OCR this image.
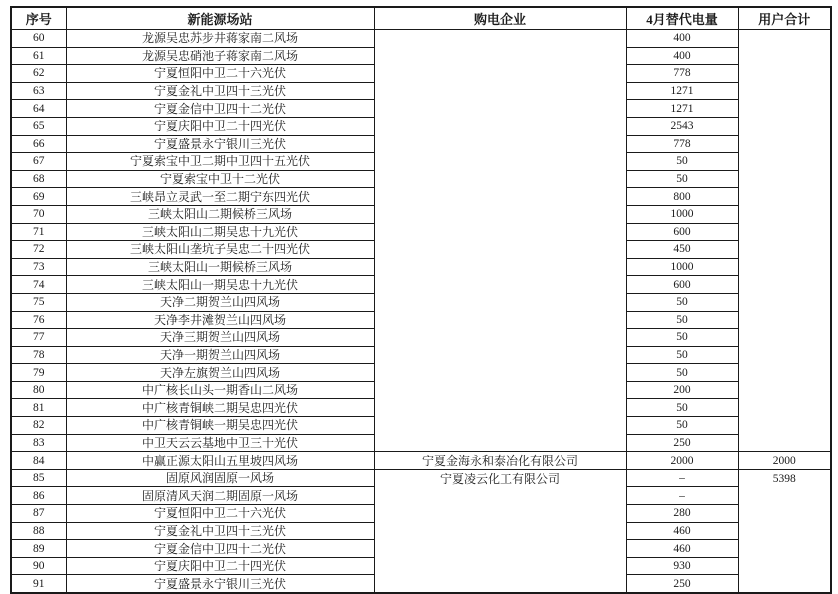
序号	新能源场站	购电企业	4月替代电量	用户合计
60	龙源吴忠苏步井蒋家南二风场		400	
61	龙源吴忠硝池子蒋家南二风场		400	
62	宁夏恒阳中卫二十六光伏		778	
63	宁夏金礼中卫四十三光伏		1271	
64	宁夏金信中卫四十二光伏		1271	
65	宁夏庆阳中卫二十四光伏		2543	
66	宁夏盛景永宁银川三光伏		778	
67	宁夏索宝中卫二期中卫四十五光伏		50	
68	宁夏索宝中卫十二光伏		50	
69	三峡昂立灵武一至二期宁东四光伏		800	
70	三峡太阳山二期候桥三风场		1000	
71	三峡太阳山二期吴忠十九光伏		600	
72	三峡太阳山垄坑子吴忠二十四光伏		450	
73	三峡太阳山一期候桥三风场		1000	
74	三峡太阳山一期吴忠十九光伏		600	
75	天净二期贺兰山四风场		50	
76	天净李井滩贺兰山四风场		50	
77	天净三期贺兰山四风场		50	
78	天净一期贺兰山四风场		50	
79	天净左旗贺兰山四风场		50	
80	中广核长山头一期香山二风场		200	
81	中广核青铜峡二期吴忠四光伏		50	
82	中广核青铜峡一期吴忠四光伏		50	
83	中卫天云云基地中卫三十光伏		250	
84	中赢正源太阳山五里坡四风场	宁夏金海永和泰冶化有限公司	2000	2000
85	固原风润固原一风场	宁夏凌云化工有限公司	–	5398
86	固原清风天润二期固原一风场		–	
87	宁夏恒阳中卫二十六光伏		280	
88	宁夏金礼中卫四十三光伏		460	
89	宁夏金信中卫四十二光伏		460	
90	宁夏庆阳中卫二十四光伏		930	
91	宁夏盛景永宁银川三光伏		250	
